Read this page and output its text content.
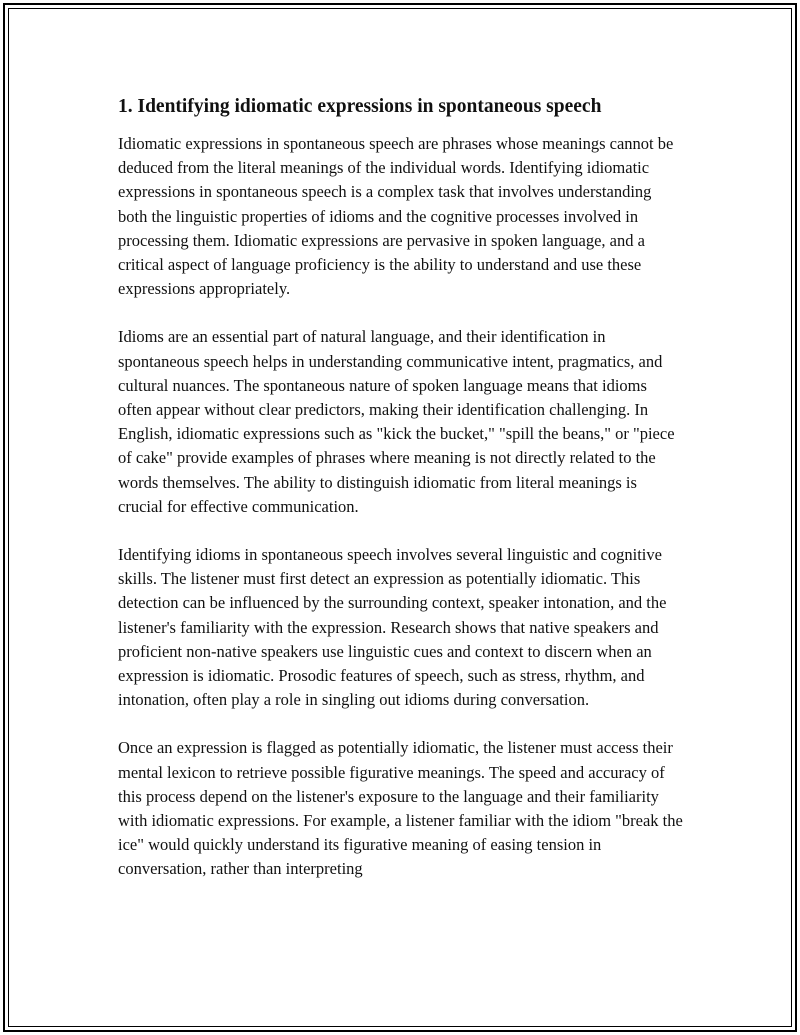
1. Identifying idiomatic expressions in spontaneous speech

Idiomatic expressions in spontaneous speech are phrases whose meanings cannot be deduced from the literal meanings of the individual words. Identifying idiomatic expressions in spontaneous speech is a complex task that involves understanding both the linguistic properties of idioms and the cognitive processes involved in processing them. Idiomatic expressions are pervasive in spoken language, and a critical aspect of language proficiency is the ability to understand and use these expressions appropriately.

Idioms are an essential part of natural language, and their identification in spontaneous speech helps in understanding communicative intent, pragmatics, and cultural nuances. The spontaneous nature of spoken language means that idioms often appear without clear predictors, making their identification challenging. In English, idiomatic expressions such as "kick the bucket," "spill the beans," or "piece of cake" provide examples of phrases where meaning is not directly related to the words themselves. The ability to distinguish idiomatic from literal meanings is crucial for effective communication.

Identifying idioms in spontaneous speech involves several linguistic and cognitive skills. The listener must first detect an expression as potentially idiomatic. This detection can be influenced by the surrounding context, speaker intonation, and the listener's familiarity with the expression. Research shows that native speakers and proficient non-native speakers use linguistic cues and context to discern when an expression is idiomatic. Prosodic features of speech, such as stress, rhythm, and intonation, often play a role in singling out idioms during conversation.

Once an expression is flagged as potentially idiomatic, the listener must access their mental lexicon to retrieve possible figurative meanings. The speed and accuracy of this process depend on the listener's exposure to the language and their familiarity with idiomatic expressions. For example, a listener familiar with the idiom "break the ice" would quickly understand its figurative meaning of easing tension in conversation, rather than interpreting
